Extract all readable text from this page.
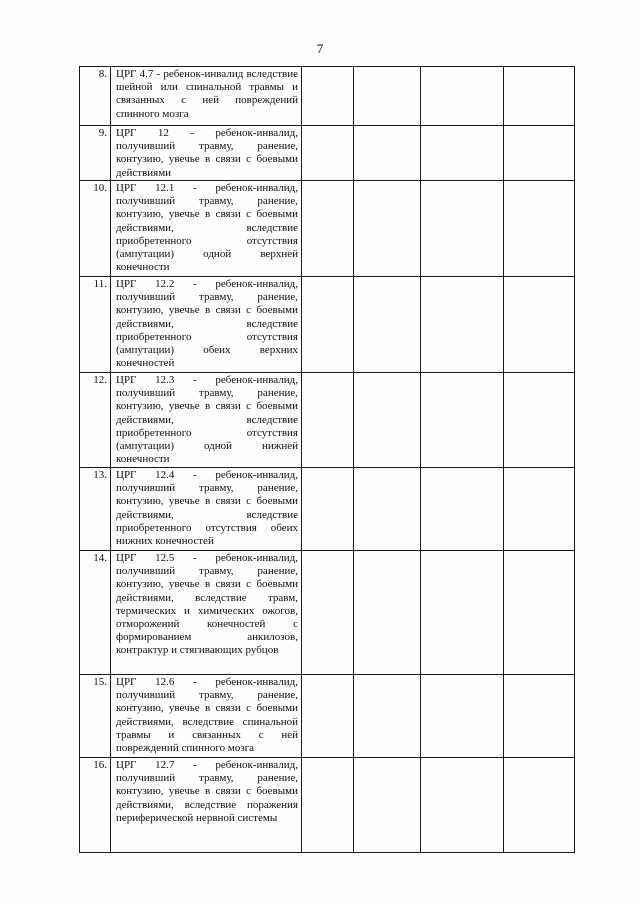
7
8.	ЦРГ 4.7 - ребенок-инвалид вследствие шейной или спинальной травмы и связанных с ней повреждений спинного мозга				
9.	ЦРГ 12 - ребенок-инвалид, получивший травму, ранение, контузию, увечье в связи с боевыми действиями				
10.	ЦРГ 12.1 - ребенок-инвалид, получивший травму, ранение, контузию, увечье в связи с боевыми действиями, вследствие приобретенного отсутствия (ампутации) одной верхней конечности				
11.	ЦРГ 12.2 - ребенок-инвалид, получивший травму, ранение, контузию, увечье в связи с боевыми действиями, вследствие приобретенного отсутствия (ампутации) обеих верхних конечностей				
12.	ЦРГ 12.3 - ребенок-инвалид, получивший травму, ранение, контузию, увечье в связи с боевыми действиями, вследствие приобретенного отсутствия (ампутации) одной нижней конечности				
13.	ЦРГ 12.4 - ребенок-инвалид, получивший травму, ранение, контузию, увечье в связи с боевыми действиями, вследствие приобретенного отсутствия обеих нижних конечностей				
14.	ЦРГ 12.5 - ребенок-инвалид, получивший травму, ранение, контузию, увечье в связи с боевыми действиями, вследствие травм, термических и химических ожогов, отморожений конечностей с формированием анкилозов, контрактур и стягивающих рубцов				
15.	ЦРГ 12.6 - ребенок-инвалид, получивший травму, ранение, контузию, увечье в связи с боевыми действиями, вследствие спинальной травмы и связанных с ней повреждений спинного мозга				
16.	ЦРГ 12.7 - ребенок-инвалид, получивший травму, ранение, контузию, увечье в связи с боевыми действиями, вследствие поражения периферической нервной системы				
